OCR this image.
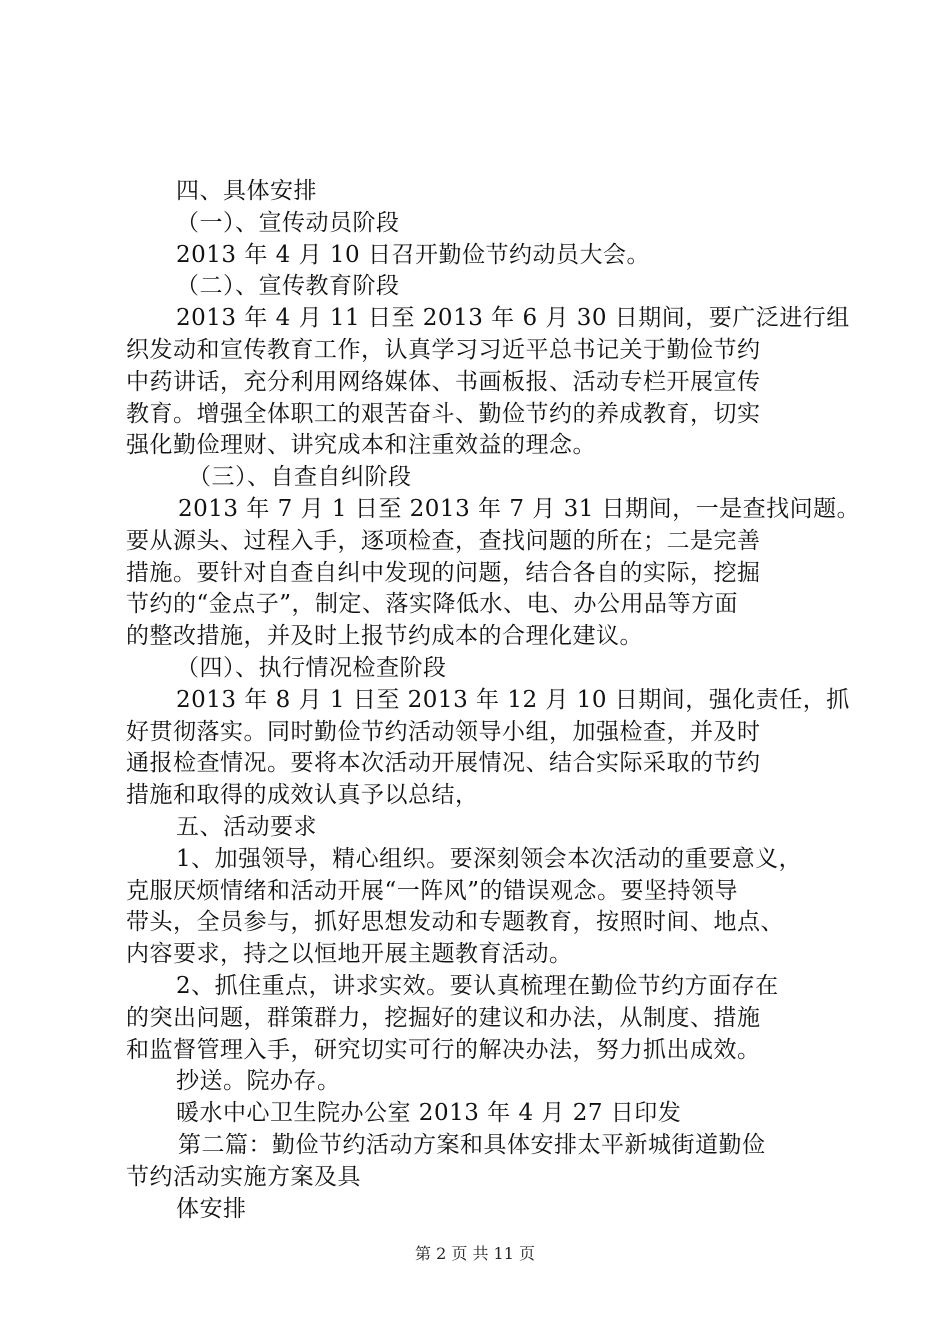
四、具体安排
（一）、宣传动员阶段
2013 年 4 月 10 日召开勤俭节约动员大会。
（二）、宣传教育阶段
2013 年 4 月 11 日至 2013 年 6 月 30 日期间，要广泛进行组
织发动和宣传教育工作，认真学习习近平总书记关于勤俭节约
中药讲话，充分利用网络媒体、书画板报、活动专栏开展宣传
教育。增强全体职工的艰苦奋斗、勤俭节约的养成教育，切实
强化勤俭理财、讲究成本和注重效益的理念。
（三）、自查自纠阶段
2013 年 7 月 1 日至 2013 年 7 月 31 日期间，一是查找问题。
要从源头、过程入手，逐项检查，查找问题的所在；二是完善
措施。要针对自查自纠中发现的问题，结合各自的实际，挖掘
节约的“金点子”，制定、落实降低水、电、办公用品等方面
的整改措施，并及时上报节约成本的合理化建议。
（四）、执行情况检查阶段
2013 年 8 月 1 日至 2013 年 12 月 10 日期间，强化责任，抓
好贯彻落实。同时勤俭节约活动领导小组，加强检查，并及时
通报检查情况。要将本次活动开展情况、结合实际采取的节约
措施和取得的成效认真予以总结，
五、活动要求
1、加强领导，精心组织。要深刻领会本次活动的重要意义，
克服厌烦情绪和活动开展“一阵风”的错误观念。要坚持领导
带头，全员参与，抓好思想发动和专题教育，按照时间、地点、
内容要求，持之以恒地开展主题教育活动。
2、抓住重点，讲求实效。要认真梳理在勤俭节约方面存在
的突出问题，群策群力，挖掘好的建议和办法，从制度、措施
和监督管理入手，研究切实可行的解决办法，努力抓出成效。
抄送。院办存。
暖水中心卫生院办公室 2013 年 4 月 27 日印发
第二篇：勤俭节约活动方案和具体安排太平新城街道勤俭
节约活动实施方案及具
体安排
第 2 页 共 11 页
